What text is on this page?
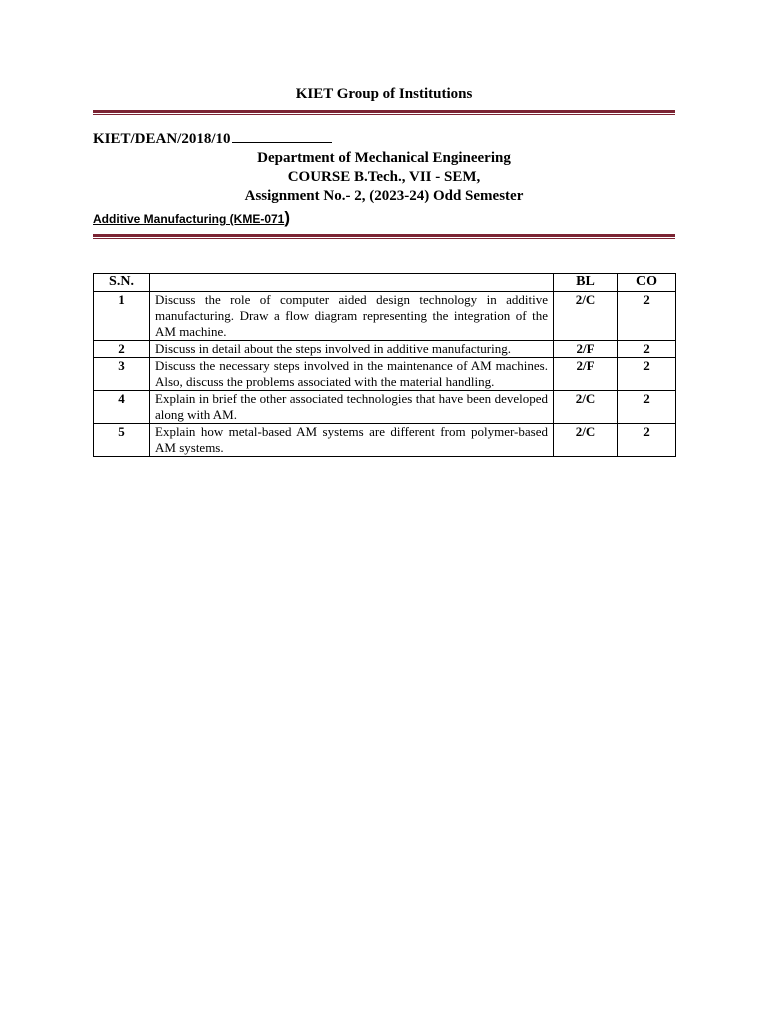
KIET Group of Institutions
KIET/DEAN/2018/10
Department of Mechanical Engineering
COURSE B.Tech., VII - SEM,
Assignment No.- 2, (2023-24) Odd Semester
Additive Manufacturing (KME-071)
S.N.		BL	CO
1	Discuss the role of computer aided design technology in additive manufacturing. Draw a flow diagram representing the integration of the AM machine.	2/C	2
2	Discuss in detail about the steps involved in additive manufacturing.	2/F	2
3	Discuss the necessary steps involved in the maintenance of AM machines. Also, discuss the problems associated with the material handling.	2/F	2
4	Explain in brief the other associated technologies that have been developed along with AM.	2/C	2
5	Explain how metal-based AM systems are different from polymer-based AM systems.	2/C	2
